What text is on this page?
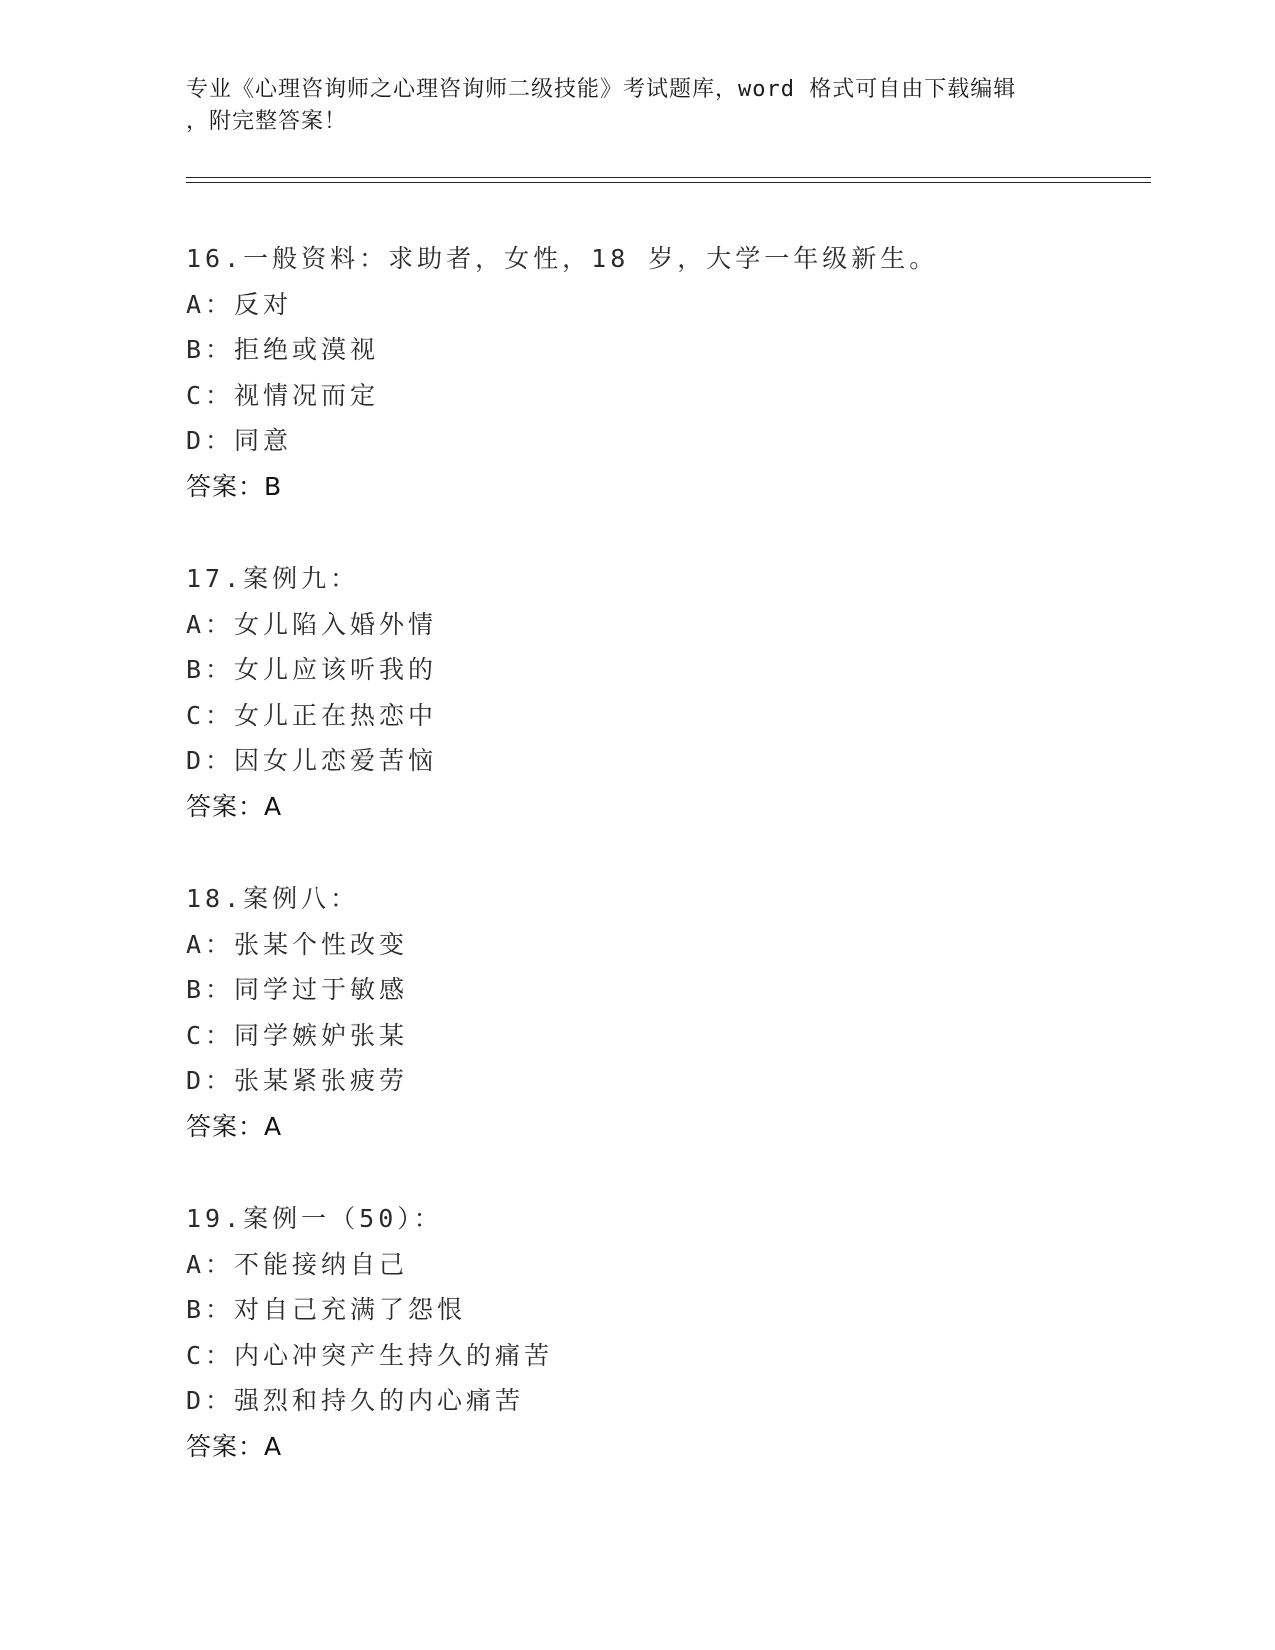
专业《心理咨询师之心理咨询师二级技能》考试题库，word 格式可自由下载编辑
，附完整答案！
16.一般资料：求助者，女性，18 岁，大学一年级新生。
A：反对
B：拒绝或漠视
C：视情况而定
D：同意
答案：B
17.案例九：
A：女儿陷入婚外情
B：女儿应该听我的
C：女儿正在热恋中
D：因女儿恋爱苦恼
答案：A
18.案例八：
A：张某个性改变
B：同学过于敏感
C：同学嫉妒张某
D：张某紧张疲劳
答案：A
19.案例一（50）：
A：不能接纳自己
B：对自己充满了怨恨
C：内心冲突产生持久的痛苦
D：强烈和持久的内心痛苦
答案：A
